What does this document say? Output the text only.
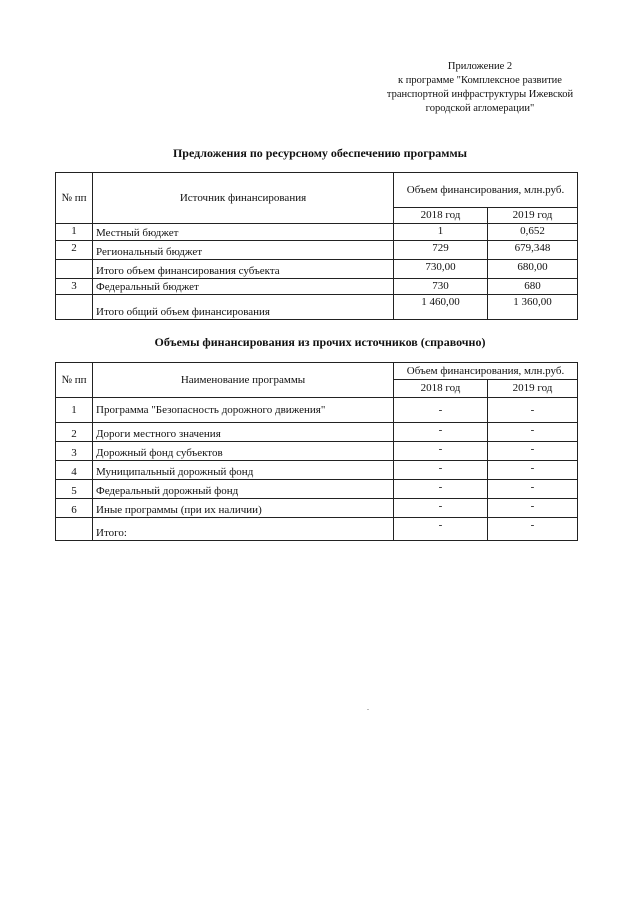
Приложение 2
к программе "Комплексное развитие
транспортной инфраструктуры Ижевской
городской агломерации"
Предложения по ресурсному обеспечению программы
№ пп	Источник финансирования	Объем финансирования, млн.руб.	
		2018 год	2019 год
1	Местный бюджет	1	0,652
2	Региональный бюджет	729	679,348
	Итого объем финансирования субъекта	730,00	680,00
3	Федеральный бюджет	730	680
	Итого общий объем финансирования	1 460,00	1 360,00
Объемы финансирования из прочих источников (справочно)
№ пп	Наименование программы	Объем финансирования, млн.руб.	
		2018 год	2019 год
1	Программа "Безопасность дорожного движения"	-	-
2	Дороги местного значения	-	-
3	Дорожный фонд субъектов	-	-
4	Муниципальный дорожный фонд	-	-
5	Федеральный дорожный фонд	-	-
6	Иные программы (при их наличии)	-	-
	Итого:	-	-
